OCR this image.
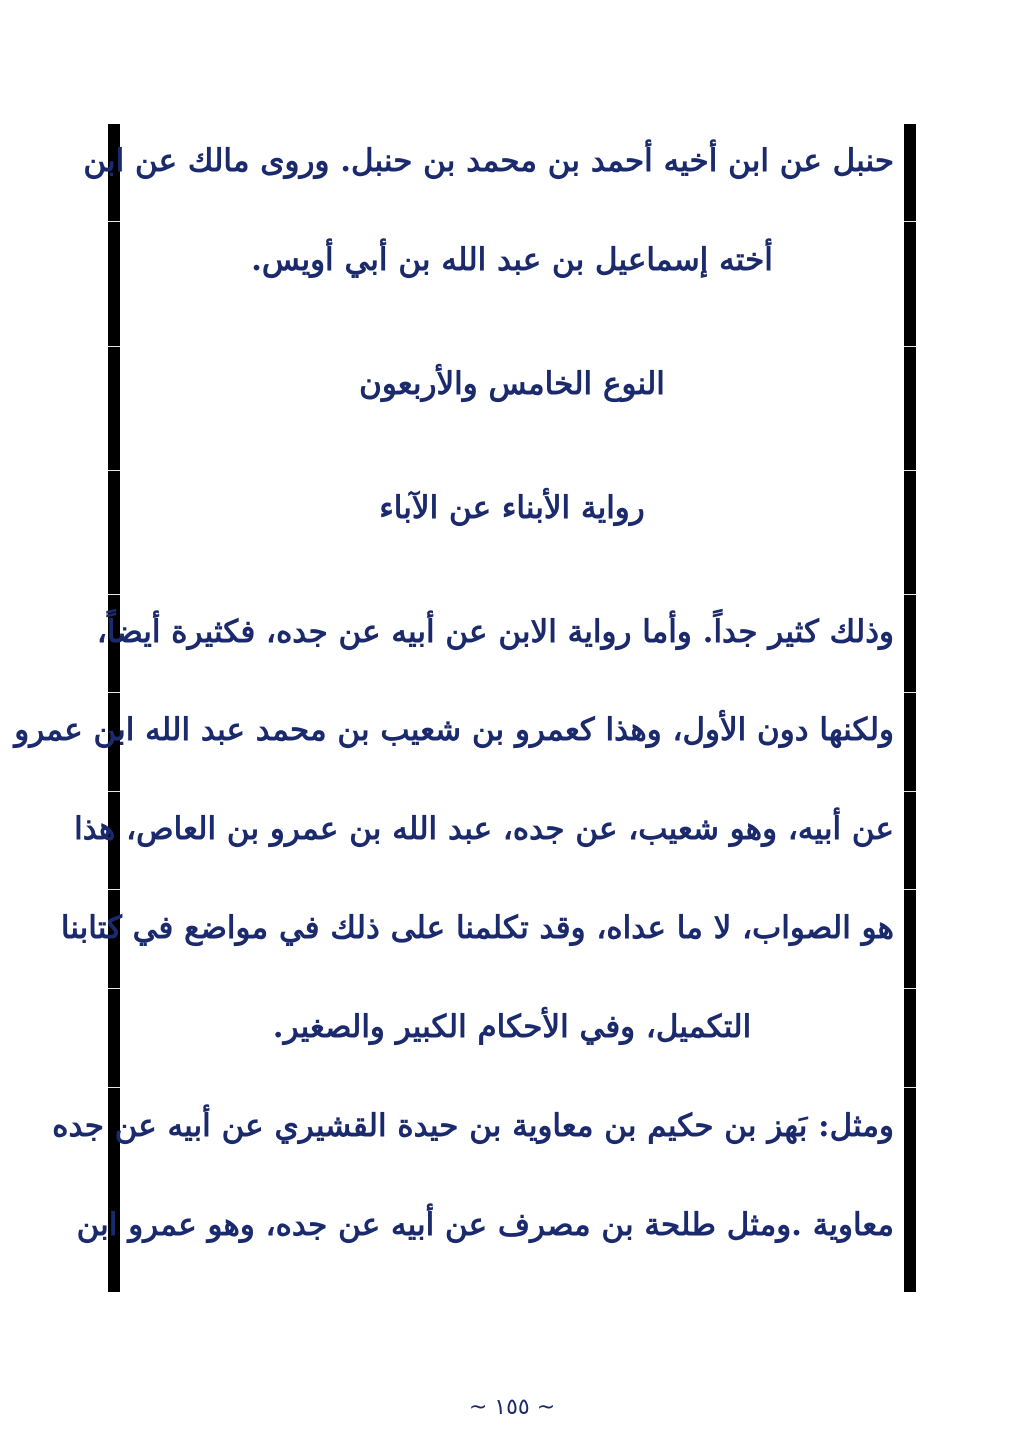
حنبل عن ابن أخيه أحمد بن محمد بن حنبل. وروى مالك عن ابن
أخته إسماعيل بن عبد الله بن أبي أويس.
النوع الخامس والأربعون
رواية الأبناء عن الآباء
وذلك كثير جداً. وأما رواية الابن عن أبيه عن جده، فكثيرة أيضاً،
ولكنها دون الأول، وهذا كعمرو بن شعيب بن محمد عبد الله ابن عمرو
عن أبيه، وهو شعيب، عن جده، عبد الله بن عمرو بن العاص، هذا
هو الصواب، لا ما عداه، وقد تكلمنا على ذلك في مواضع في كتابنا
التكميل، وفي الأحكام الكبير والصغير.
ومثل: بَهز بن حكيم بن معاوية بن حيدة القشيري عن أبيه عن جده
معاوية .ومثل طلحة بن مصرف عن أبيه عن جده، وهو عمرو ابن
~ ١٥٥ ~
